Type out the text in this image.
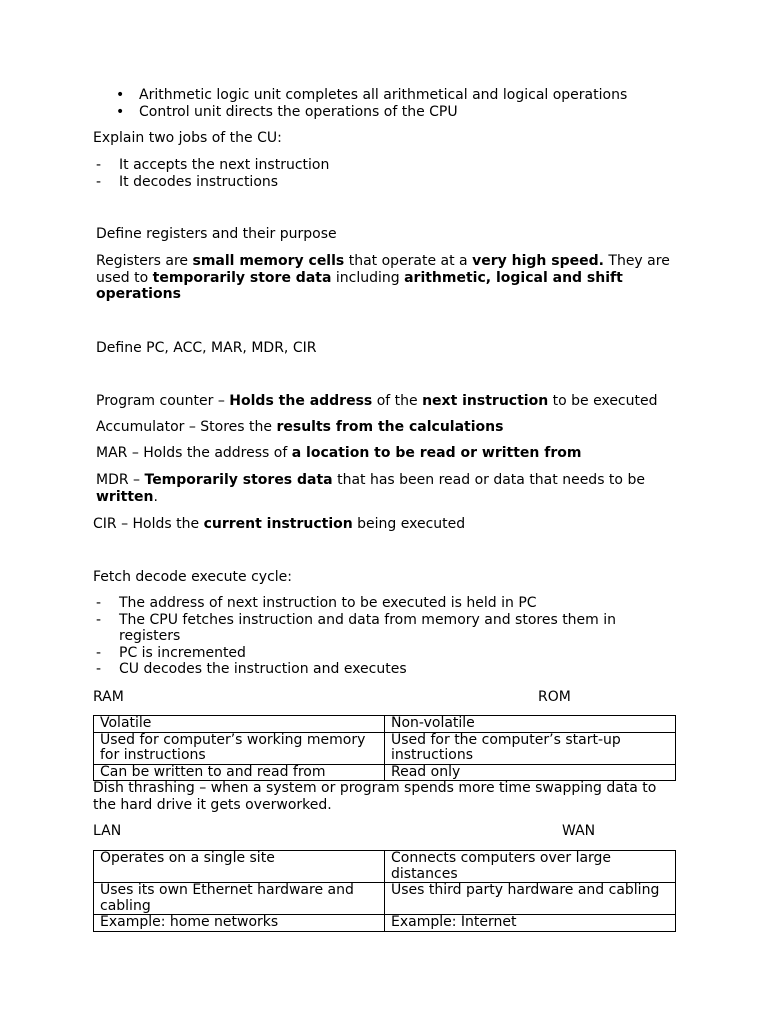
•	Arithmetic logic unit completes all arithmetical and logical operations
•	Control unit directs the operations of the CPU
Explain two jobs of the CU:
-	It accepts the next instruction
-	It decodes instructions
Define registers and their purpose
Registers are small memory cells that operate at a very high speed. They are used to temporarily store data including arithmetic, logical and shift operations
Define PC, ACC, MAR, MDR, CIR
Program counter – Holds the address of the next instruction to be executed
Accumulator – Stores the results from the calculations
MAR – Holds the address of a location to be read or written from
MDR – Temporarily stores data that has been read or data that needs to be written.
CIR – Holds the current instruction being executed
Fetch decode execute cycle:
-	The address of next instruction to be executed is held in PC
-	The CPU fetches instruction and data from memory and stores them in registers
-	PC is incremented
-	CU decodes the instruction and executes
RAM	ROM
Volatile	Non-volatile
Used for computer’s working memory for instructions	Used for the computer’s start-up instructions
Can be written to and read from	Read only
Dish thrashing – when a system or program spends more time swapping data to the hard drive it gets overworked.
LAN	WAN
Operates on a single site	Connects computers over large distances
Uses its own Ethernet hardware and cabling	Uses third party hardware and cabling
Example: home networks	Example: Internet
